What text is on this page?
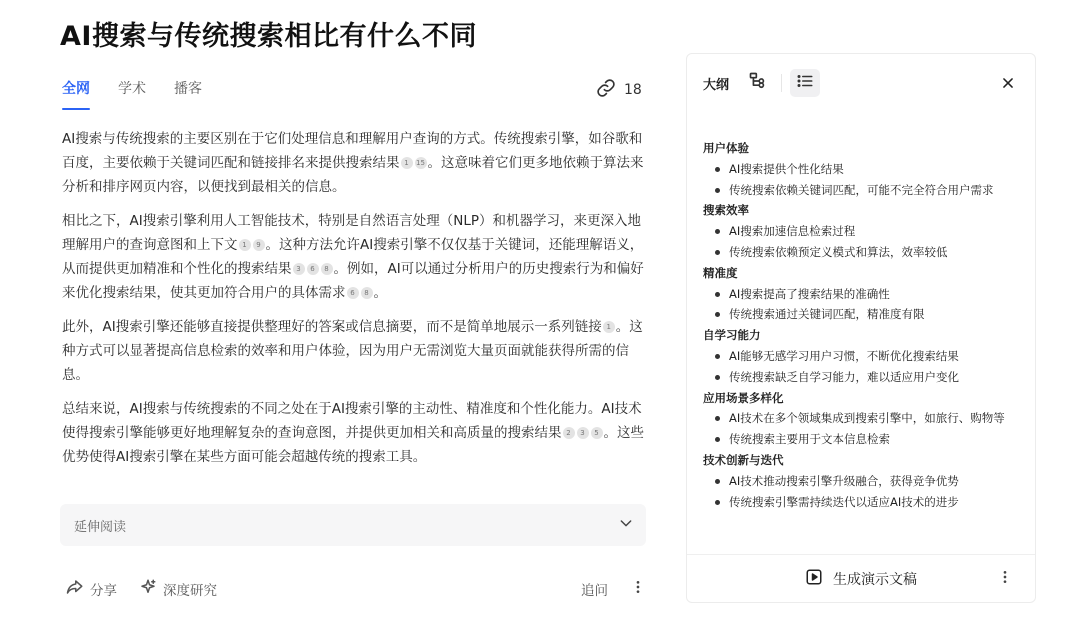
AI搜索与传统搜索相比有什么不同
全网 学术 播客	18

AI搜索与传统搜索的主要区别在于它们处理信息和理解用户查询的方式。传统搜索引擎，如谷歌和百度，主要依赖于关键词匹配和链接排名来提供搜索结果 1 15 。这意味着它们更多地依赖于算法来分析和排序网页内容，以便找到最相关的信息。

相比之下，AI搜索引擎利用人工智能技术，特别是自然语言处理（NLP）和机器学习，来更深入地理解用户的查询意图和上下文 1 9 。这种方法允许AI搜索引擎不仅仅基于关键词，还能理解语义，从而提供更加精准和个性化的搜索结果 3 6 8 。例如，AI可以通过分析用户的历史搜索行为和偏好来优化搜索结果，使其更加符合用户的具体需求 6 8 。

此外，AI搜索引擎还能够直接提供整理好的答案或信息摘要，而不是简单地展示一系列链接 1 。这种方式可以显著提高信息检索的效率和用户体验，因为用户无需浏览大量页面就能获得所需的信息。

总结来说，AI搜索与传统搜索的不同之处在于AI搜索引擎的主动性、精准度和个性化能力。AI技术使得搜索引擎能够更好地理解复杂的查询意图，并提供更加相关和高质量的搜索结果 2 3 5 。这些优势使得AI搜索引擎在某些方面可能会超越传统的搜索工具。

延伸阅读
分享	深度研究	追问
大纲
用户体验
AI搜索提供个性化结果
传统搜索依赖关键词匹配，可能不完全符合用户需求
搜索效率
AI搜索加速信息检索过程
传统搜索依赖预定义模式和算法，效率较低
精准度
AI搜索提高了搜索结果的准确性
传统搜索通过关键词匹配，精准度有限
自学习能力
AI能够无感学习用户习惯，不断优化搜索结果
传统搜索缺乏自学习能力，难以适应用户变化
应用场景多样化
AI技术在多个领域集成到搜索引擎中，如旅行、购物等
传统搜索主要用于文本信息检索
技术创新与迭代
AI技术推动搜索引擎升级融合，获得竞争优势
传统搜索引擎需持续迭代以适应AI技术的进步
生成演示文稿
